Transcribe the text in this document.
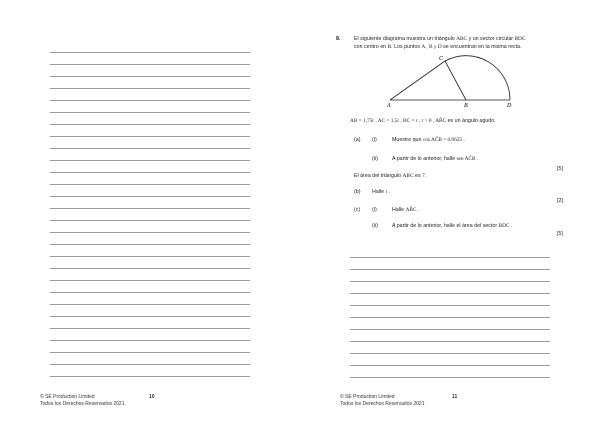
© SE Production Limited
Todos los Derechos Reservados 2021
10
8.	El siguiente diagrama muestra un triángulo ABC y un sector circular BDC
con centro en B. Los puntos A , B y D se encuentran en la misma recta.
A	B
C
D
AB = 1,75r , AC = 1,5r , BC = r , r > 0 , AB̂C es un ángulo agudo.
(a) (i)	Muestre que cos AĈB = 0,0625 .
(ii)	A partir de lo anterior, halle sen AĈB .
[5]
El área del triángulo ABC es 7 .
(b) Halle r .
[2]
(c) (i)	Halle AB̂C .
(ii)	A partir de lo anterior, halle el área del sector BDC .
[5]
© SE Production Limited
Todos los Derechos Reservados 2021
11
